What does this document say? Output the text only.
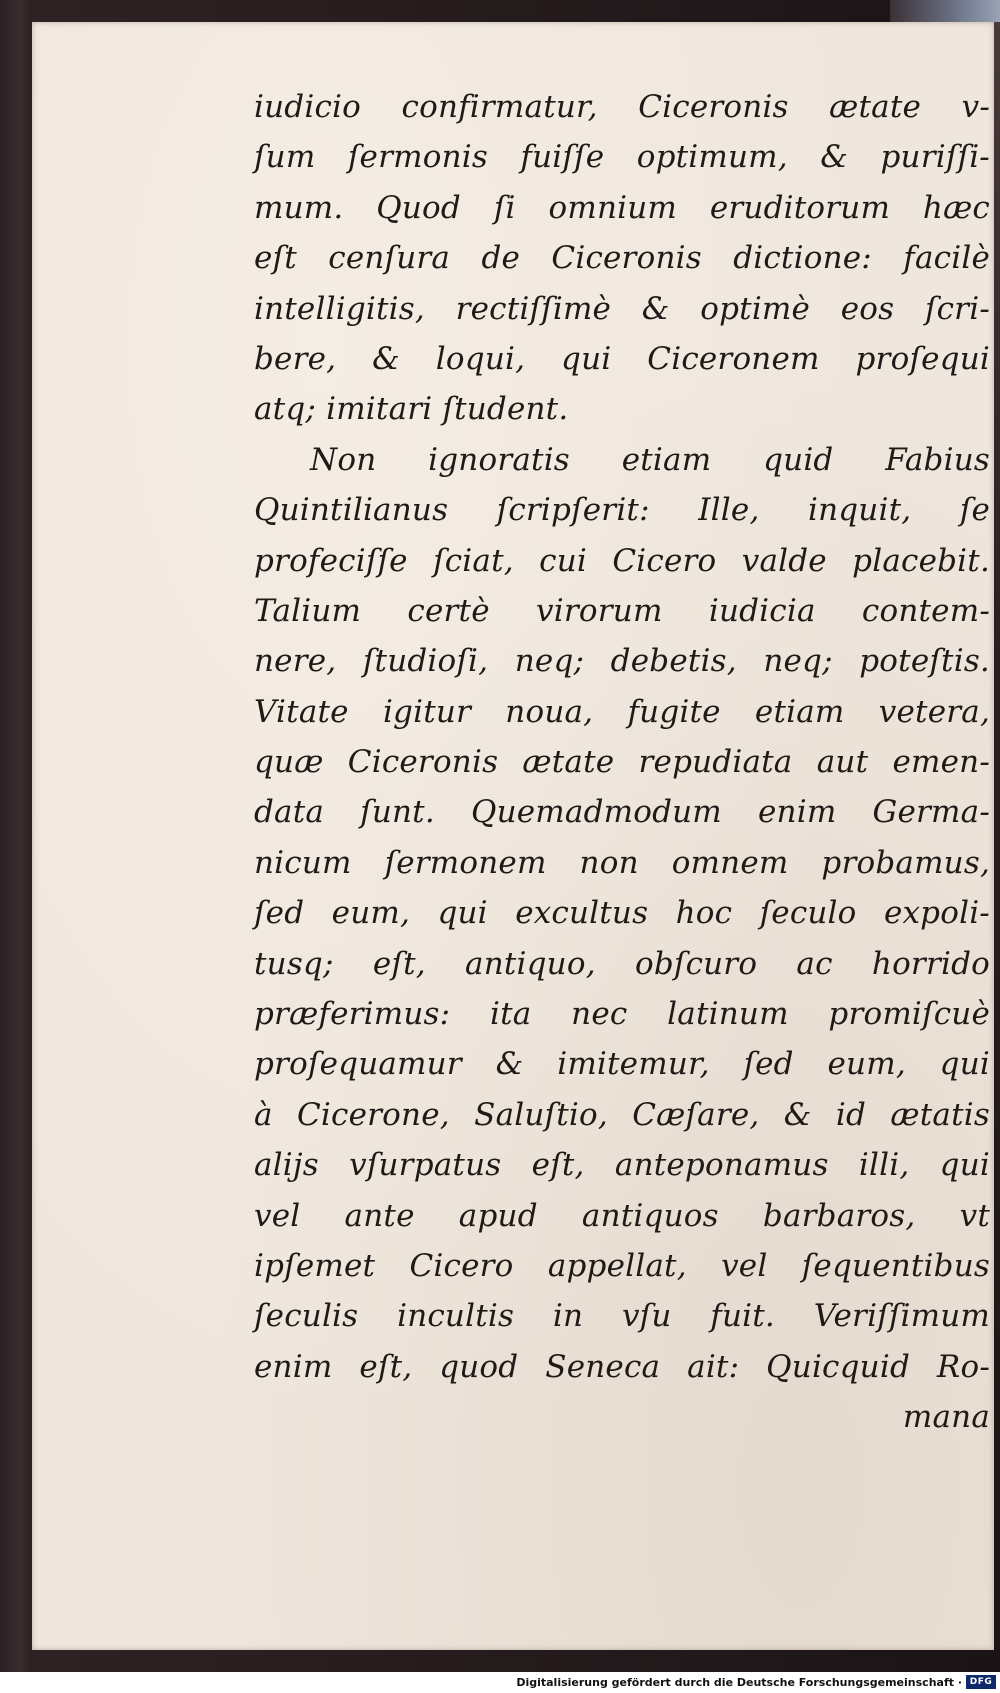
iudicio confirmatur, Ciceronis ætate v-
ſum ſermonis fuiſſe optimum, & puriſſi-
mum. Quod ſi omnium eruditorum hæc
eſt cenſura de Ciceronis dictione: facilè
intelligitis, rectiſſimè & optimè eos ſcri-
bere, & loqui, qui Ciceronem proſequi
atq; imitari ſtudent.
Non ignoratis etiam quid Fabius
Quintilianus ſcripſerit: Ille, inquit, ſe
profeciſſe ſciat, cui Cicero valde placebit.
Talium certè virorum iudicia contem-
nere, ſtudioſi, neq; debetis, neq; poteſtis.
Vitate igitur noua, fugite etiam vetera,
quæ Ciceronis ætate repudiata aut emen-
data ſunt. Quemadmodum enim Germa-
nicum ſermonem non omnem probamus,
ſed eum, qui excultus hoc ſeculo expoli-
tusq; eſt, antiquo, obſcuro ac horrido
præferimus: ita nec latinum promiſcuè
proſequamur & imitemur, ſed eum, qui
à Cicerone, Saluſtio, Cæſare, & id ætatis
alijs vſurpatus eſt, anteponamus illi, qui
vel ante apud antiquos barbaros, vt
ipſemet Cicero appellat, vel ſequentibus
ſeculis incultis in vſu fuit. Veriſſimum
enim eſt, quod Seneca ait: Quicquid Ro-
mana
Digitalisierung gefördert durch die Deutsche Forschungsgemeinschaft · DFG
